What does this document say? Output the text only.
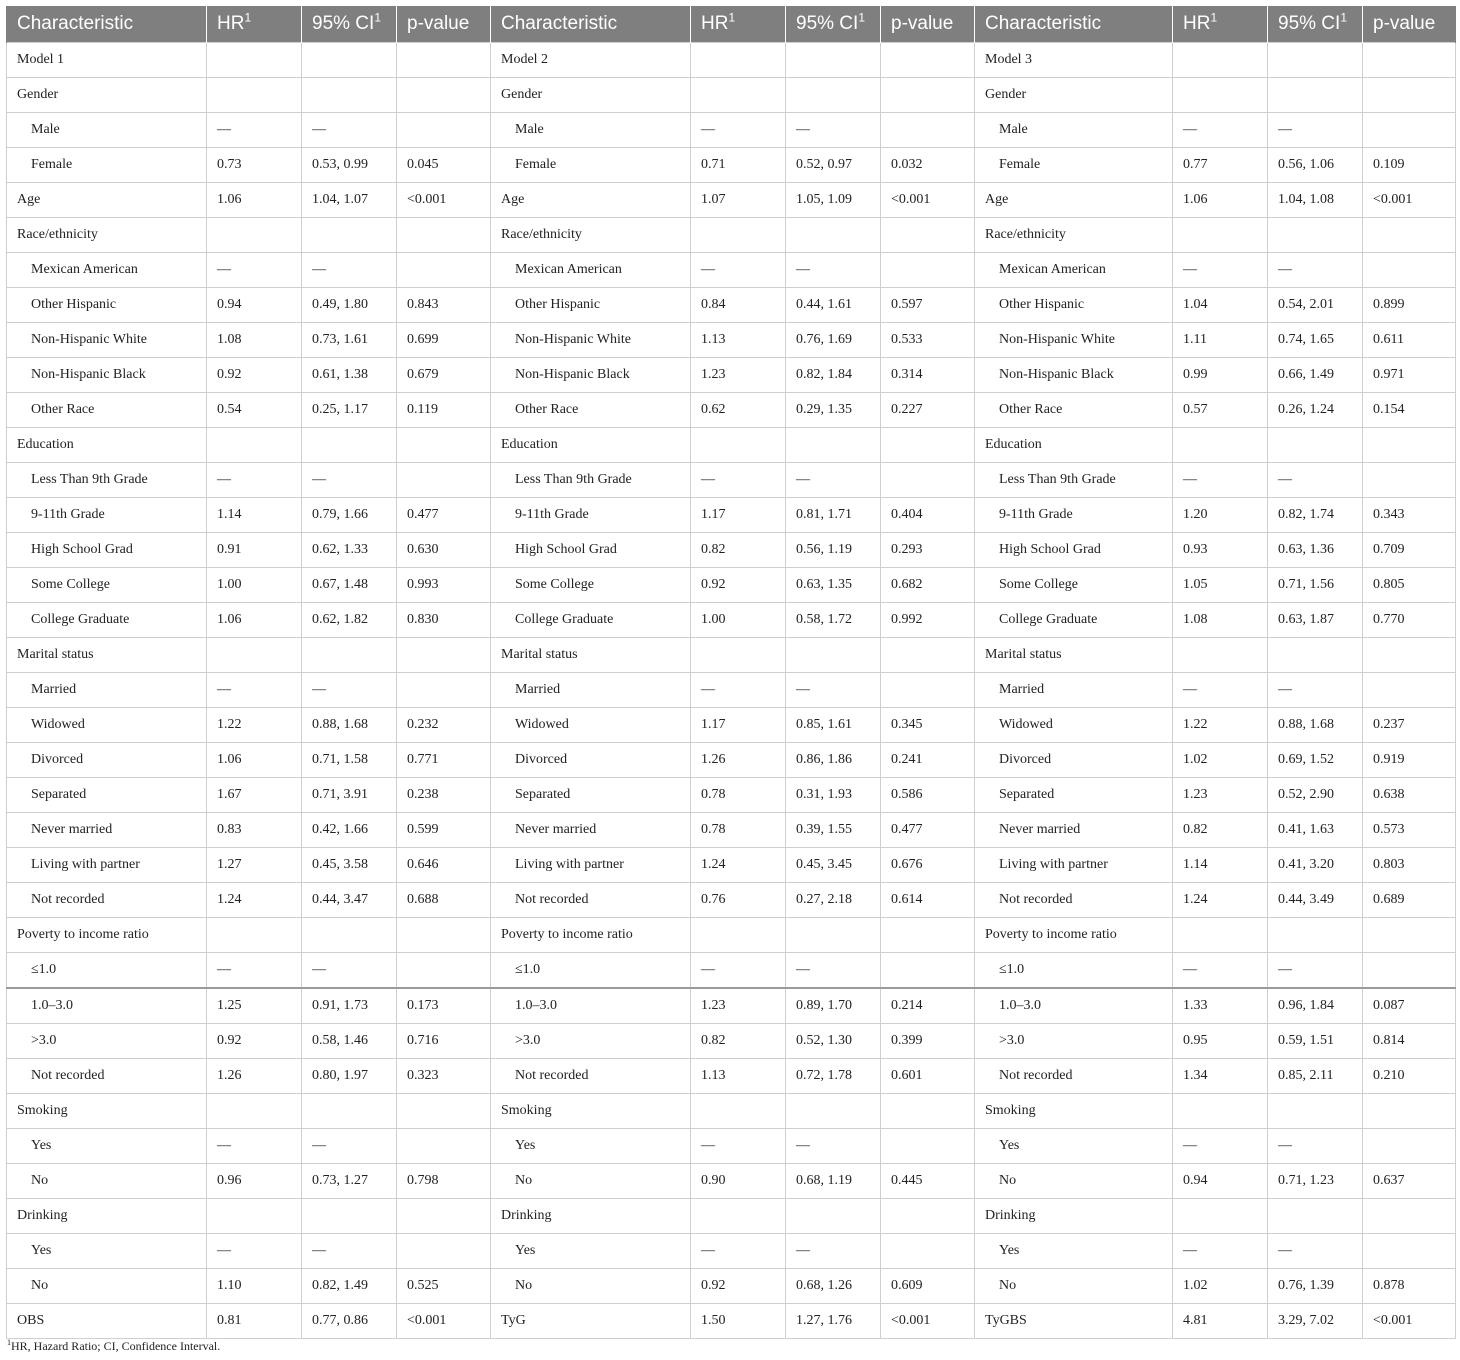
Characteristic	$HR^1$	95% $CI^1$	p-value	Characteristic	$HR^1$	95% $CI^1$	p-value	Characteristic	$HR^1$	95% $CI^1$	p-value
Model 1				Model 2				Model 3			
Gender				Gender				Gender			
Male	—	—		Male	—	—		Male	—	—	
Female	0.73	0.53, 0.99	0.045	Female	0.71	0.52, 0.97	0.032	Female	0.77	0.56, 1.06	0.109
Age	1.06	1.04, 1.07	<0.001	Age	1.07	1.05, 1.09	<0.001	Age	1.06	1.04, 1.08	<0.001
Race/ethnicity				Race/ethnicity				Race/ethnicity			
Mexican American	—	—		Mexican American	—	—		Mexican American	—	—	
Other Hispanic	0.94	0.49, 1.80	0.843	Other Hispanic	0.84	0.44, 1.61	0.597	Other Hispanic	1.04	0.54, 2.01	0.899
Non-Hispanic White	1.08	0.73, 1.61	0.699	Non-Hispanic White	1.13	0.76, 1.69	0.533	Non-Hispanic White	1.11	0.74, 1.65	0.611
Non-Hispanic Black	0.92	0.61, 1.38	0.679	Non-Hispanic Black	1.23	0.82, 1.84	0.314	Non-Hispanic Black	0.99	0.66, 1.49	0.971
Other Race	0.54	0.25, 1.17	0.119	Other Race	0.62	0.29, 1.35	0.227	Other Race	0.57	0.26, 1.24	0.154
Education				Education				Education			
Less Than 9th Grade	—	—		Less Than 9th Grade	—	—		Less Than 9th Grade	—	—	
9-11th Grade	1.14	0.79, 1.66	0.477	9-11th Grade	1.17	0.81, 1.71	0.404	9-11th Grade	1.20	0.82, 1.74	0.343
High School Grad	0.91	0.62, 1.33	0.630	High School Grad	0.82	0.56, 1.19	0.293	High School Grad	0.93	0.63, 1.36	0.709
Some College	1.00	0.67, 1.48	0.993	Some College	0.92	0.63, 1.35	0.682	Some College	1.05	0.71, 1.56	0.805
College Graduate	1.06	0.62, 1.82	0.830	College Graduate	1.00	0.58, 1.72	0.992	College Graduate	1.08	0.63, 1.87	0.770
Marital status				Marital status				Marital status			
Married	—	—		Married	—	—		Married	—	—	
Widowed	1.22	0.88, 1.68	0.232	Widowed	1.17	0.85, 1.61	0.345	Widowed	1.22	0.88, 1.68	0.237
Divorced	1.06	0.71, 1.58	0.771	Divorced	1.26	0.86, 1.86	0.241	Divorced	1.02	0.69, 1.52	0.919
Separated	1.67	0.71, 3.91	0.238	Separated	0.78	0.31, 1.93	0.586	Separated	1.23	0.52, 2.90	0.638
Never married	0.83	0.42, 1.66	0.599	Never married	0.78	0.39, 1.55	0.477	Never married	0.82	0.41, 1.63	0.573
Living with partner	1.27	0.45, 3.58	0.646	Living with partner	1.24	0.45, 3.45	0.676	Living with partner	1.14	0.41, 3.20	0.803
Not recorded	1.24	0.44, 3.47	0.688	Not recorded	0.76	0.27, 2.18	0.614	Not recorded	1.24	0.44, 3.49	0.689
Poverty to income ratio				Poverty to income ratio				Poverty to income ratio			
≤1.0	—	—		≤1.0	—	—		≤1.0	—	—	
1.0–3.0	1.25	0.91, 1.73	0.173	1.0–3.0	1.23	0.89, 1.70	0.214	1.0–3.0	1.33	0.96, 1.84	0.087
>3.0	0.92	0.58, 1.46	0.716	>3.0	0.82	0.52, 1.30	0.399	>3.0	0.95	0.59, 1.51	0.814
Not recorded	1.26	0.80, 1.97	0.323	Not recorded	1.13	0.72, 1.78	0.601	Not recorded	1.34	0.85, 2.11	0.210
Smoking				Smoking				Smoking			
Yes	—	—		Yes	—	—		Yes	—	—	
No	0.96	0.73, 1.27	0.798	No	0.90	0.68, 1.19	0.445	No	0.94	0.71, 1.23	0.637
Drinking				Drinking				Drinking			
Yes	—	—		Yes	—	—		Yes	—	—	
No	1.10	0.82, 1.49	0.525	No	0.92	0.68, 1.26	0.609	No	1.02	0.76, 1.39	0.878
OBS	0.81	0.77, 0.86	<0.001	TyG	1.50	1.27, 1.76	<0.001	TyGBS	4.81	3.29, 7.02	<0.001
$^1$HR, Hazard Ratio; CI, Confidence Interval.
